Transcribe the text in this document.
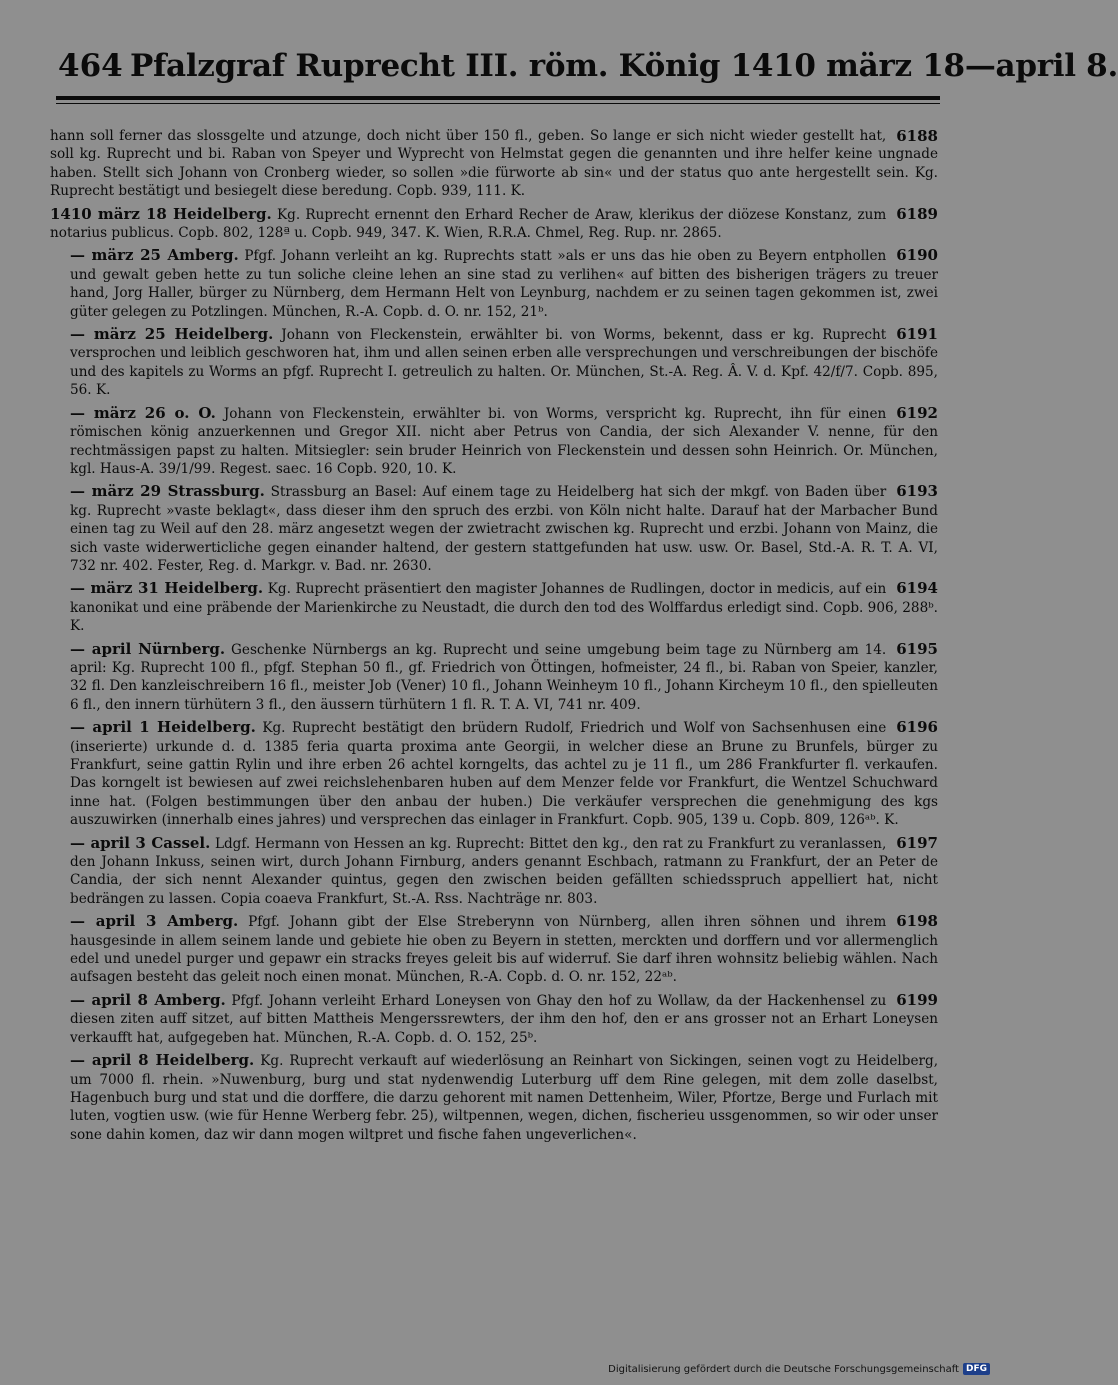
464 Pfalzgraf Ruprecht III. röm. König 1410 märz 18—april 8.
6188
hann soll ferner das slossgelte und atzunge, doch nicht über 150 fl., geben. So lange er sich nicht wieder gestellt hat, soll kg. Ruprecht und bi. Raban von Speyer und Wyprecht von Helmstat gegen die genannten und ihre helfer keine ungnade haben. Stellt sich Johann von Cronberg wieder, so sollen »die fürworte ab sin« und der status quo ante hergestellt sein. Kg. Ruprecht bestätigt und besiegelt diese beredung. Copb. 939, 111. K.
6189
1410 märz 18 Heidelberg. Kg. Ruprecht ernennt den Erhard Recher de Araw, klerikus der diözese Konstanz, zum notarius publicus. Copb. 802, 128ª u. Copb. 949, 347. K. Wien, R.R.A. Chmel, Reg. Rup. nr. 2865.
6190
— märz 25 Amberg. Pfgf. Johann verleiht an kg. Ruprechts statt »als er uns das hie oben zu Beyern entphollen und gewalt geben hette zu tun soliche cleine lehen an sine stad zu verlihen« auf bitten des bisherigen trägers zu treuer hand, Jorg Haller, bürger zu Nürnberg, dem Hermann Helt von Leynburg, nachdem er zu seinen tagen gekommen ist, zwei güter gelegen zu Potzlingen. München, R.-A. Copb. d. O. nr. 152, 21ᵇ.
6191
— märz 25 Heidelberg. Johann von Fleckenstein, erwählter bi. von Worms, bekennt, dass er kg. Ruprecht versprochen und leiblich geschworen hat, ihm und allen seinen erben alle versprechungen und verschreibungen der bischöfe und des kapitels zu Worms an pfgf. Ruprecht I. getreulich zu halten. Or. München, St.-A. Reg. Â. V. d. Kpf. 42/f/7. Copb. 895, 56. K.
6192
— märz 26 o. O. Johann von Fleckenstein, erwählter bi. von Worms, verspricht kg. Ruprecht, ihn für einen römischen könig anzuerkennen und Gregor XII. nicht aber Petrus von Candia, der sich Alexander V. nenne, für den rechtmässigen papst zu halten. Mitsiegler: sein bruder Heinrich von Fleckenstein und dessen sohn Heinrich. Or. München, kgl. Haus-A. 39/1/99. Regest. saec. 16 Copb. 920, 10. K.
6193
— märz 29 Strassburg. Strassburg an Basel: Auf einem tage zu Heidelberg hat sich der mkgf. von Baden über kg. Ruprecht »vaste beklagt«, dass dieser ihm den spruch des erzbi. von Köln nicht halte. Darauf hat der Marbacher Bund einen tag zu Weil auf den 28. märz angesetzt wegen der zwietracht zwischen kg. Ruprecht und erzbi. Johann von Mainz, die sich vaste widerwerticliche gegen einander haltend, der gestern stattgefunden hat usw. usw. Or. Basel, Std.-A. R. T. A. VI, 732 nr. 402. Fester, Reg. d. Markgr. v. Bad. nr. 2630.
6194
— märz 31 Heidelberg. Kg. Ruprecht präsentiert den magister Johannes de Rudlingen, doctor in medicis, auf ein kanonikat und eine präbende der Marienkirche zu Neustadt, die durch den tod des Wolffardus erledigt sind. Copb. 906, 288ᵇ. K.
6195
— april Nürnberg. Geschenke Nürnbergs an kg. Ruprecht und seine umgebung beim tage zu Nürnberg am 14. april: Kg. Ruprecht 100 fl., pfgf. Stephan 50 fl., gf. Friedrich von Öttingen, hofmeister, 24 fl., bi. Raban von Speier, kanzler, 32 fl. Den kanzleischreibern 16 fl., meister Job (Vener) 10 fl., Johann Weinheym 10 fl., Johann Kircheym 10 fl., den spielleuten 6 fl., den innern türhütern 3 fl., den äussern türhütern 1 fl. R. T. A. VI, 741 nr. 409.
6196
— april 1 Heidelberg. Kg. Ruprecht bestätigt den brüdern Rudolf, Friedrich und Wolf von Sachsenhusen eine (inserierte) urkunde d. d. 1385 feria quarta proxima ante Georgii, in welcher diese an Brune zu Brunfels, bürger zu Frankfurt, seine gattin Rylin und ihre erben 26 achtel korngelts, das achtel zu je 11 fl., um 286 Frankfurter fl. verkaufen. Das korngelt ist bewiesen auf zwei reichslehenbaren huben auf dem Menzer felde vor Frankfurt, die Wentzel Schuchward inne hat. (Folgen bestimmungen über den anbau der huben.) Die verkäufer versprechen die genehmigung des kgs auszuwirken (innerhalb eines jahres) und versprechen das einlager in Frankfurt. Copb. 905, 139 u. Copb. 809, 126ᵃᵇ. K.
6197
— april 3 Cassel. Ldgf. Hermann von Hessen an kg. Ruprecht: Bittet den kg., den rat zu Frankfurt zu veranlassen, den Johann Inkuss, seinen wirt, durch Johann Firnburg, anders genannt Eschbach, ratmann zu Frankfurt, der an Peter de Candia, der sich nennt Alexander quintus, gegen den zwischen beiden gefällten schiedsspruch appelliert hat, nicht bedrängen zu lassen. Copia coaeva Frankfurt, St.-A. Rss. Nachträge nr. 803.
6198
— april 3 Amberg. Pfgf. Johann gibt der Else Streberynn von Nürnberg, allen ihren söhnen und ihrem hausgesinde in allem seinem lande und gebiete hie oben zu Beyern in stetten, merckten und dorffern und vor allermenglich edel und unedel purger und gepawr ein stracks freyes geleit bis auf widerruf. Sie darf ihren wohnsitz beliebig wählen. Nach aufsagen besteht das geleit noch einen monat. München, R.-A. Copb. d. O. nr. 152, 22ᵃᵇ.
6199
— april 8 Amberg. Pfgf. Johann verleiht Erhard Loneysen von Ghay den hof zu Wollaw, da der Hackenhensel zu diesen ziten auff sitzet, auf bitten Mattheis Mengerssrewters, der ihm den hof, den er ans grosser not an Erhart Loneysen verkaufft hat, aufgegeben hat. München, R.-A. Copb. d. O. 152, 25ᵇ.
— april 8 Heidelberg. Kg. Ruprecht verkauft auf wiederlösung an Reinhart von Sickingen, seinen vogt zu Heidelberg, um 7000 fl. rhein. »Nuwenburg, burg und stat nydenwendig Luterburg uff dem Rine gelegen, mit dem zolle daselbst, Hagenbuch burg und stat und die dorffere, die darzu gehorent mit namen Dettenheim, Wiler, Pfortze, Berge und Furlach mit luten, vogtien usw. (wie für Henne Werberg febr. 25), wiltpennen, wegen, dichen, fischerieu ussgenommen, so wir oder unser sone dahin komen, daz wir dann mogen wiltpret und fische fahen ungeverlichen«.
Digitalisierung gefördert durch die Deutsche Forschungsgemeinschaft DFG
